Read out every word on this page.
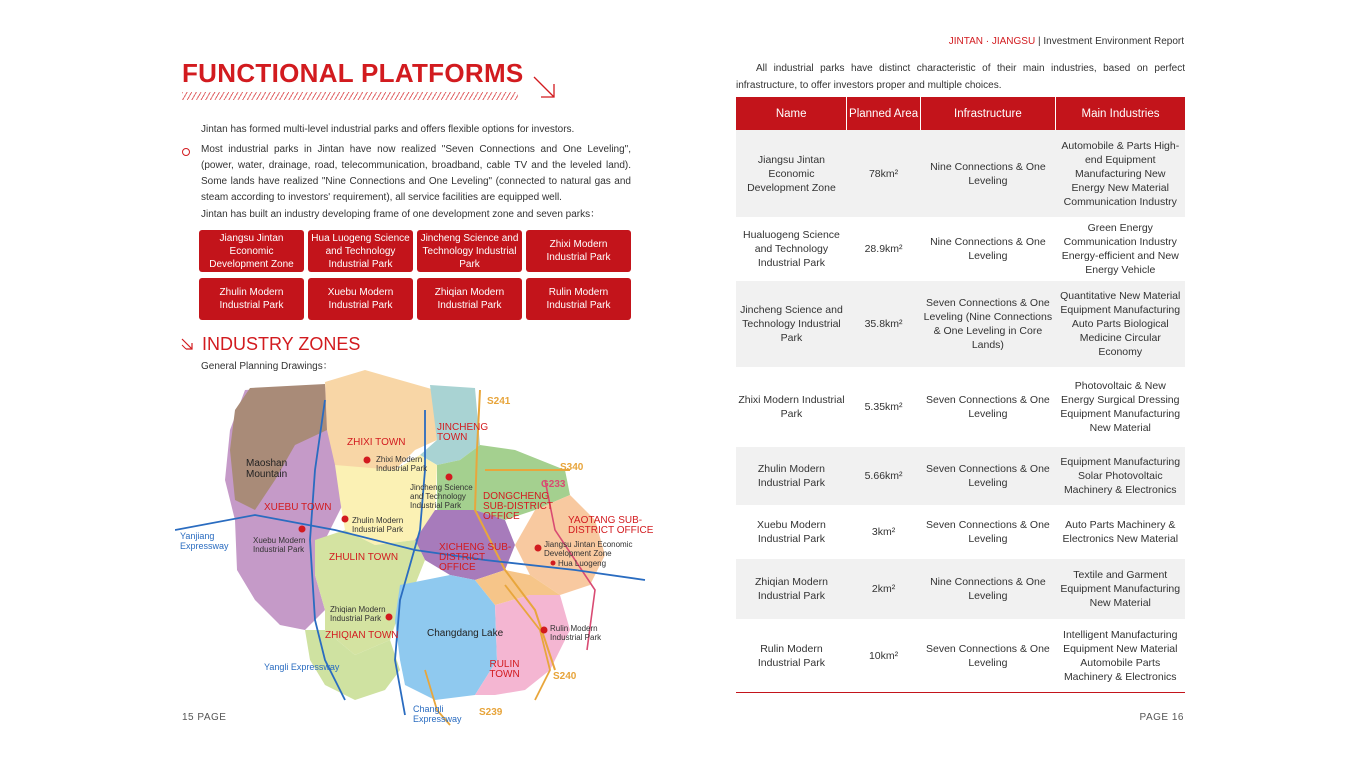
FUNCTIONAL PLATFORMS
Jintan has formed multi-level industrial parks and offers flexible options for investors.
Most industrial parks in Jintan have now realized "Seven Connections and One Leveling", (power, water, drainage, road, telecommunication, broadband, cable TV and the leveled land). Some lands have realized "Nine Connections and One Leveling" (connected to natural gas and steam according to investors' requirement), all service facilities are equipped well.
Jintan has built an industry developing frame of one development zone and seven parks：
Jiangsu Jintan Economic Development Zone
Hua Luogeng Science and Technology Industrial Park
Jincheng Science and Technology Industrial Park
Zhixi Modern Industrial Park
Zhulin Modern Industrial Park
Xuebu Modern Industrial Park
Zhiqian Modern Industrial Park
Rulin Modern Industrial Park
INDUSTRY ZONES
General Planning Drawings：
Maoshan Mountain
ZHIXI TOWN
JINCHENG TOWN
XUEBU TOWN
ZHULIN TOWN
DONGCHENG SUB-DISTRICT OFFICE
XICHENG SUB-DISTRICT OFFICE
YAOTANG SUB-DISTRICT OFFICE
ZHIQIAN TOWN
RULIN TOWN
Changdang Lake
Zhixi Modern Industrial Park
Jincheng Science and Technology Industrial Park
Zhulin Modern Industrial Park
Xuebu Modern Industrial Park
Jiangsu Jintan Economic Development Zone
Hua Luogeng
Zhiqian Modern Industrial Park
Rulin Modern Industrial Park
S241
S340
G233
S240
S239
Yanjiang Expressway
Yangli Expressway
Changli Expressway
15 PAGE
JINTAN · JIANGSU | Investment Environment Report
All industrial parks have distinct characteristic of their main industries, based on perfect infrastructure, to offer investors proper and multiple choices.
Name	Planned Area	Infrastructure	Main Industries
Jiangsu Jintan Economic Development Zone	78km²	Nine Connections & One Leveling	Automobile & Parts High-end Equipment Manufacturing New Energy New Material Communication Industry
Hualuogeng Science and Technology Industrial Park	28.9km²	Nine Connections & One Leveling	Green Energy Communication Industry Energy-efficient and New Energy Vehicle
Jincheng Science and Technology Industrial Park	35.8km²	Seven Connections & One Leveling (Nine Connections & One Leveling in Core Lands)	Quantitative New Material Equipment Manufacturing Auto Parts Biological Medicine Circular Economy
Zhixi Modern Industrial Park	5.35km²	Seven Connections & One Leveling	Photovoltaic & New Energy Surgical Dressing Equipment Manufacturing New Material
Zhulin Modern Industrial Park	5.66km²	Seven Connections & One Leveling	Equipment Manufacturing Solar Photovoltaic Machinery & Electronics
Xuebu Modern Industrial Park	3km²	Seven Connections & One Leveling	Auto Parts Machinery & Electronics New Material
Zhiqian Modern Industrial Park	2km²	Nine Connections & One Leveling	Textile and Garment Equipment Manufacturing New Material
Rulin Modern Industrial Park	10km²	Seven Connections & One Leveling	Intelligent Manufacturing Equipment New Material Automobile Parts Machinery & Electronics
PAGE 16
